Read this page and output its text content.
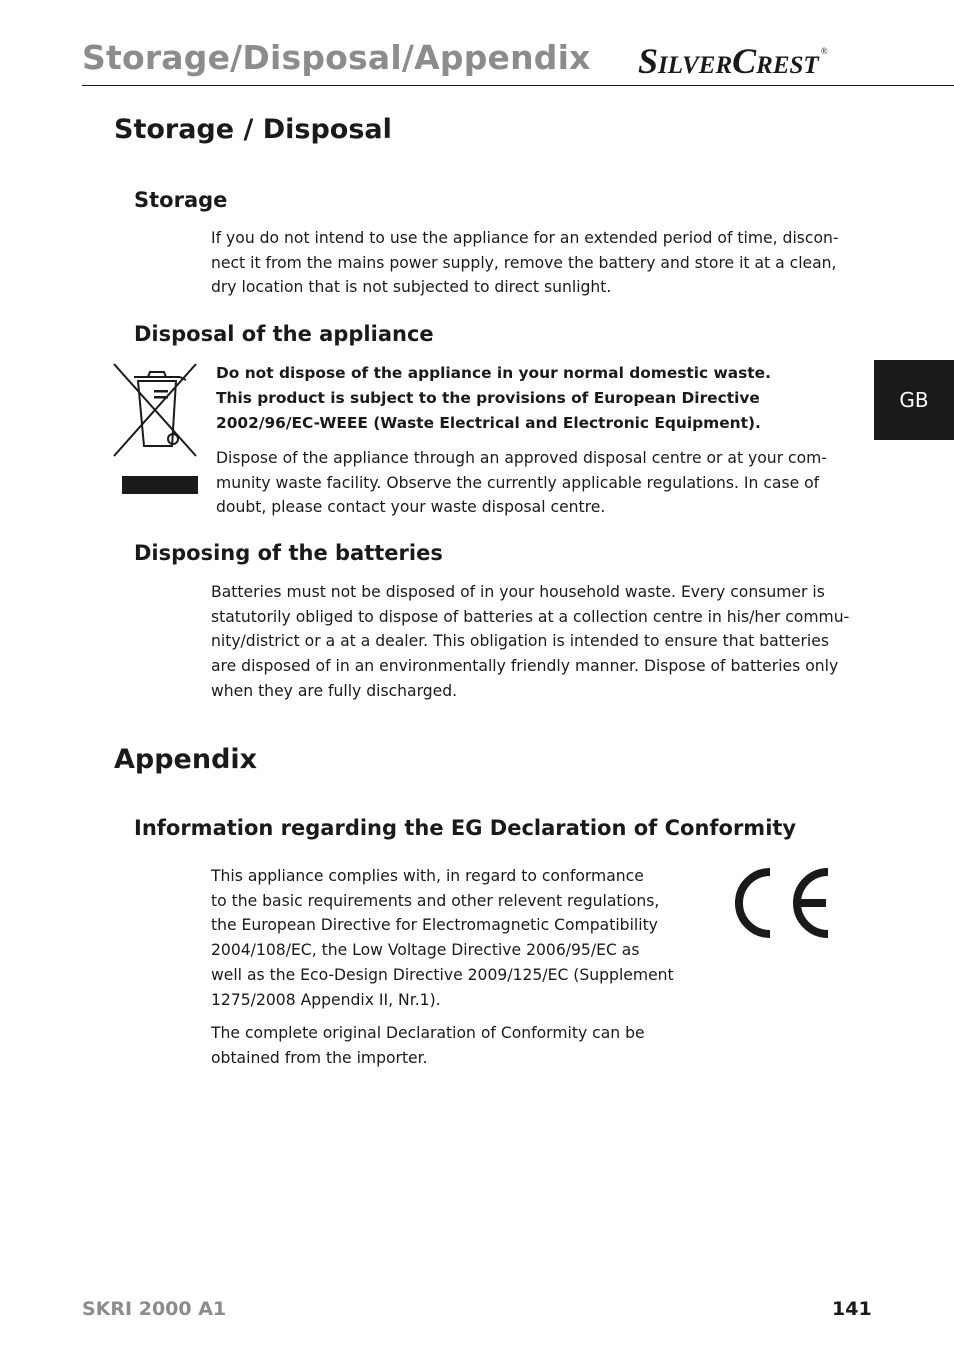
Storage/Disposal/Appendix SILVERCREST®
GB
Storage / Disposal
Storage
If you do not intend to use the appliance for an extended period of time, discon-
nect it from the mains power supply, remove the battery and store it at a clean,
dry location that is not subjected to direct sunlight.
Disposal of the appliance
Do not dispose of the appliance in your normal domestic waste.
This product is subject to the provisions of European Directive
2002/96/EC-WEEE (Waste Electrical and Electronic Equipment).
Dispose of the appliance through an approved disposal centre or at your com-
munity waste facility. Observe the currently applicable regulations. In case of
doubt, please contact your waste disposal centre.
Disposing of the batteries
Batteries must not be disposed of in your household waste. Every consumer is
statutorily obliged to dispose of batteries at a collection centre in his/her commu-
nity/district or a at a dealer. This obligation is intended to ensure that batteries
are disposed of in an environmentally friendly manner. Dispose of batteries only
when they are fully discharged.
Appendix
Information regarding the EG Declaration of Conformity
This appliance complies with, in regard to conformance
to the basic requirements and other relevent regulations,
the European Directive for Electromagnetic Compatibility
2004/108/EC, the Low Voltage Directive 2006/95/EC as
well as the Eco-Design Directive 2009/125/EC (Supplement
1275/2008 Appendix II, Nr.1).
The complete original Declaration of Conformity can be
obtained from the importer.
SKRI 2000 A1	141
